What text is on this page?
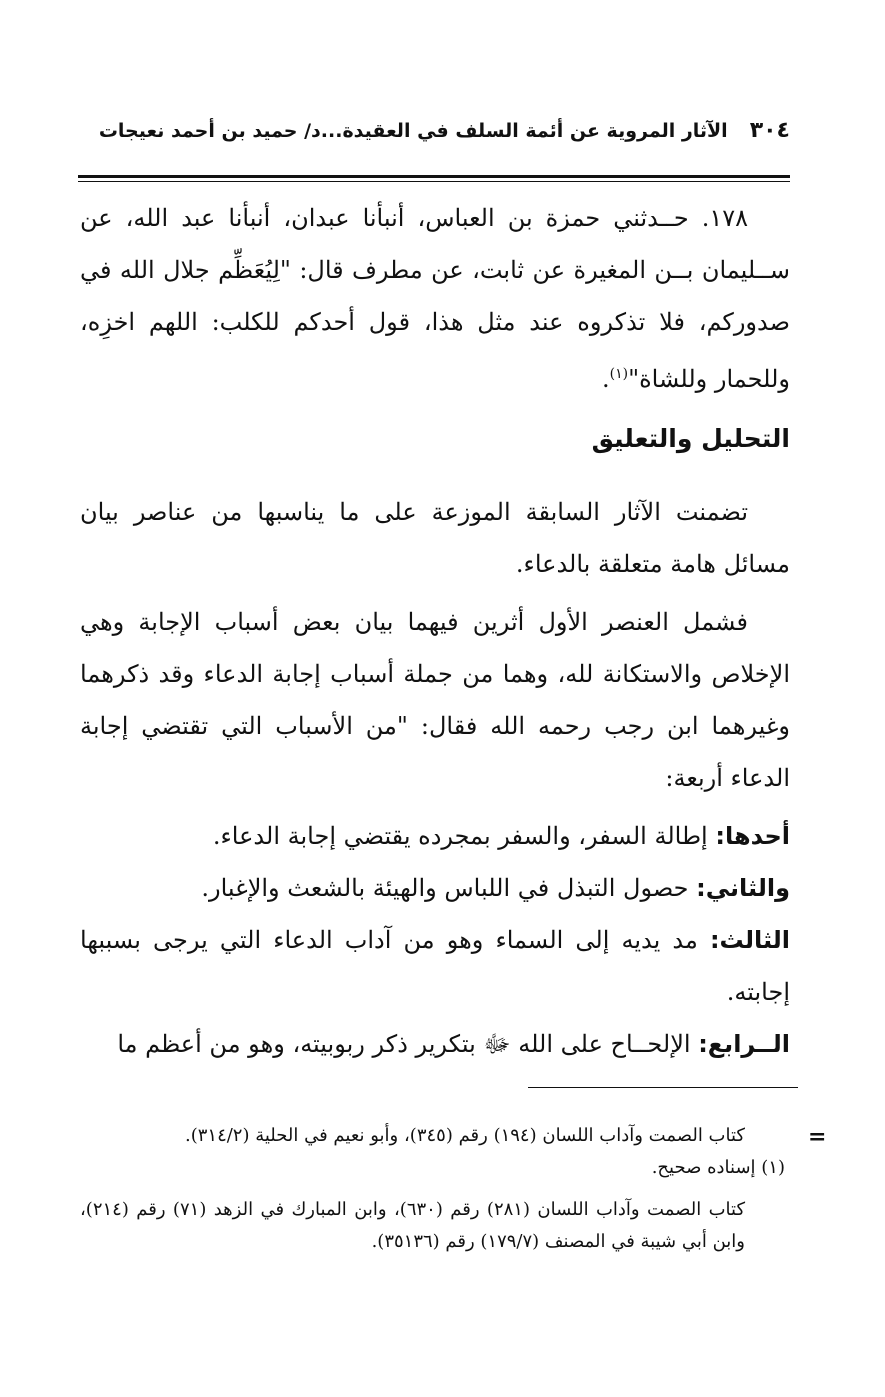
٣٠٤
الآثار المروية عن أئمة السلف في العقيدة...د/ حميد بن أحمد نعيجات

١٧٨. حــدثني حمزة بن العباس، أنبأنا عبدان، أنبأنا عبد الله، عن ســليمان بــن المغيرة عن ثابت، عن مطرف قال: "لِيُعَظِّم جلال الله في صدوركم، فلا تذكروه عند مثل هذا، قول أحدكم للكلب: اللهم اخزِه، وللحمار وللشاة"$^{(١)}$.

التحليل والتعليق

تضمنت الآثار السابقة الموزعة على ما يناسبها من عناصر بيان مسائل هامة متعلقة بالدعاء.

فشمل العنصر الأول أثرين فيهما بيان بعض أسباب الإجابة وهي الإخلاص والاستكانة لله، وهما من جملة أسباب إجابة الدعاء وقد ذكرهما وغيرهما ابن رجب رحمه الله فقال: "من الأسباب التي تقتضي إجابة الدعاء أربعة:

أحدها: إطالة السفر، والسفر بمجرده يقتضي إجابة الدعاء.

والثاني: حصول التبذل في اللباس والهيئة بالشعث والإغبار.

الثالث: مد يديه إلى السماء وهو من آداب الدعاء التي يرجى بسببها إجابته.

الــرابع: الإلحــاح على الله ﷻ بتكرير ذكر ربوبيته، وهو من أعظم ما

=
كتاب الصمت وآداب اللسان (١٩٤) رقم (٣٤٥)، وأبو نعيم في الحلية (٣١٤/٢).
(١) إسناده صحيح.
كتاب الصمت وآداب اللسان (٢٨١) رقم (٦٣٠)، وابن المبارك في الزهد (٧١) رقم (٢١٤)، وابن أبي شيبة في المصنف (١٧٩/٧) رقم (٣٥١٣٦).
